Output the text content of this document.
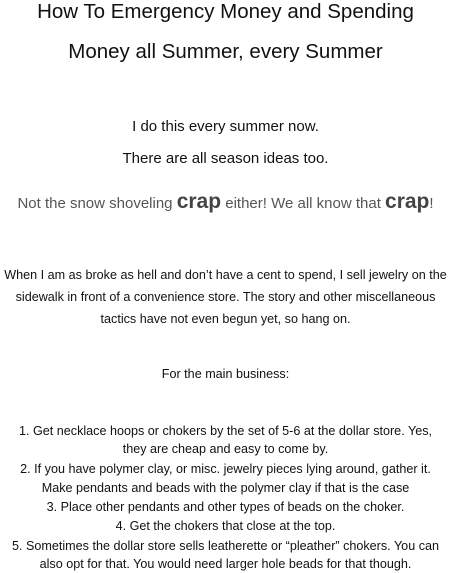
How To Emergency Money and Spending
Money all Summer, every Summer

I do this every summer now.

There are all season ideas too.

Not the snow shoveling crap either! We all know that crap!

When I am as broke as hell and don’t have a cent to spend, I sell jewelry on the

sidewalk in front of a convenience store. The story and other miscellaneous

tactics have not even begun yet, so hang on.

For the main business:

1. Get necklace hoops or chokers by the set of 5-6 at the dollar store. Yes,

they are cheap and easy to come by.

2. If you have polymer clay, or misc. jewelry pieces lying around, gather it.

Make pendants and beads with the polymer clay if that is the case

3. Place other pendants and other types of beads on the choker.

4. Get the chokers that close at the top.

5. Sometimes the dollar store sells leatherette or “pleather” chokers. You can

also opt for that. You would need larger hole beads for that though.
